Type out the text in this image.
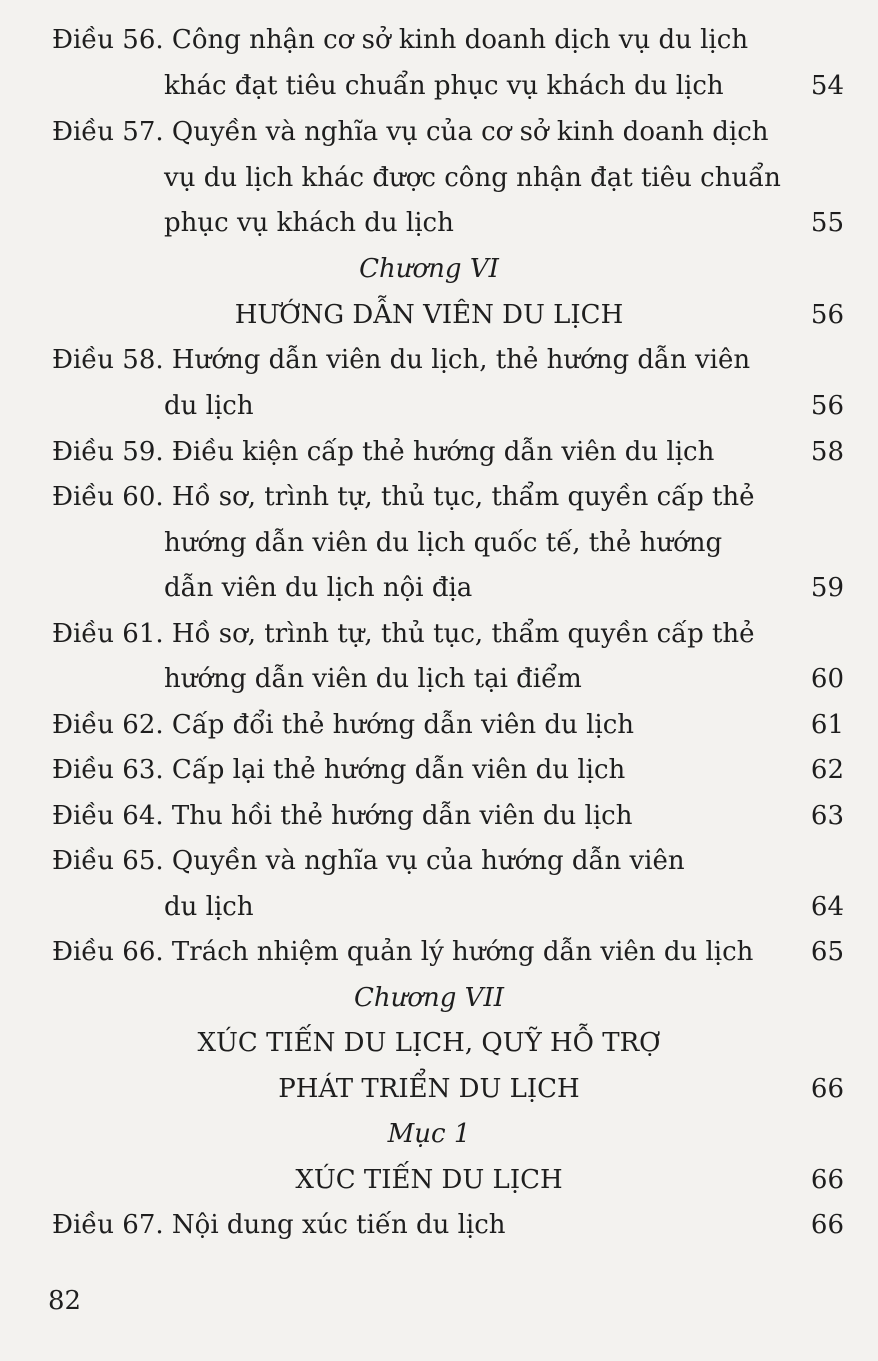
Điều 56. Công nhận cơ sở kinh doanh dịch vụ du lịch
khác đạt tiêu chuẩn phục vụ khách du lịch	54
Điều 57. Quyền và nghĩa vụ của cơ sở kinh doanh dịch
vụ du lịch khác được công nhận đạt tiêu chuẩn
phục vụ khách du lịch	55
Chương VI
HƯỚNG DẪN VIÊN DU LỊCH	56
Điều 58. Hướng dẫn viên du lịch, thẻ hướng dẫn viên
du lịch	56
Điều 59. Điều kiện cấp thẻ hướng dẫn viên du lịch	58
Điều 60. Hồ sơ, trình tự, thủ tục, thẩm quyền cấp thẻ
hướng dẫn viên du lịch quốc tế, thẻ hướng
dẫn viên du lịch nội địa	59
Điều 61. Hồ sơ, trình tự, thủ tục, thẩm quyền cấp thẻ
hướng dẫn viên du lịch tại điểm	60
Điều 62. Cấp đổi thẻ hướng dẫn viên du lịch	61
Điều 63. Cấp lại thẻ hướng dẫn viên du lịch	62
Điều 64. Thu hồi thẻ hướng dẫn viên du lịch	63
Điều 65. Quyền và nghĩa vụ của hướng dẫn viên
du lịch	64
Điều 66. Trách nhiệm quản lý hướng dẫn viên du lịch 65
Chương VII
XÚC TIẾN DU LỊCH, QUỸ HỖ TRỢ
PHÁT TRIỂN DU LỊCH	66
Mục 1
XÚC TIẾN DU LỊCH	66
Điều 67. Nội dung xúc tiến du lịch	66
82
